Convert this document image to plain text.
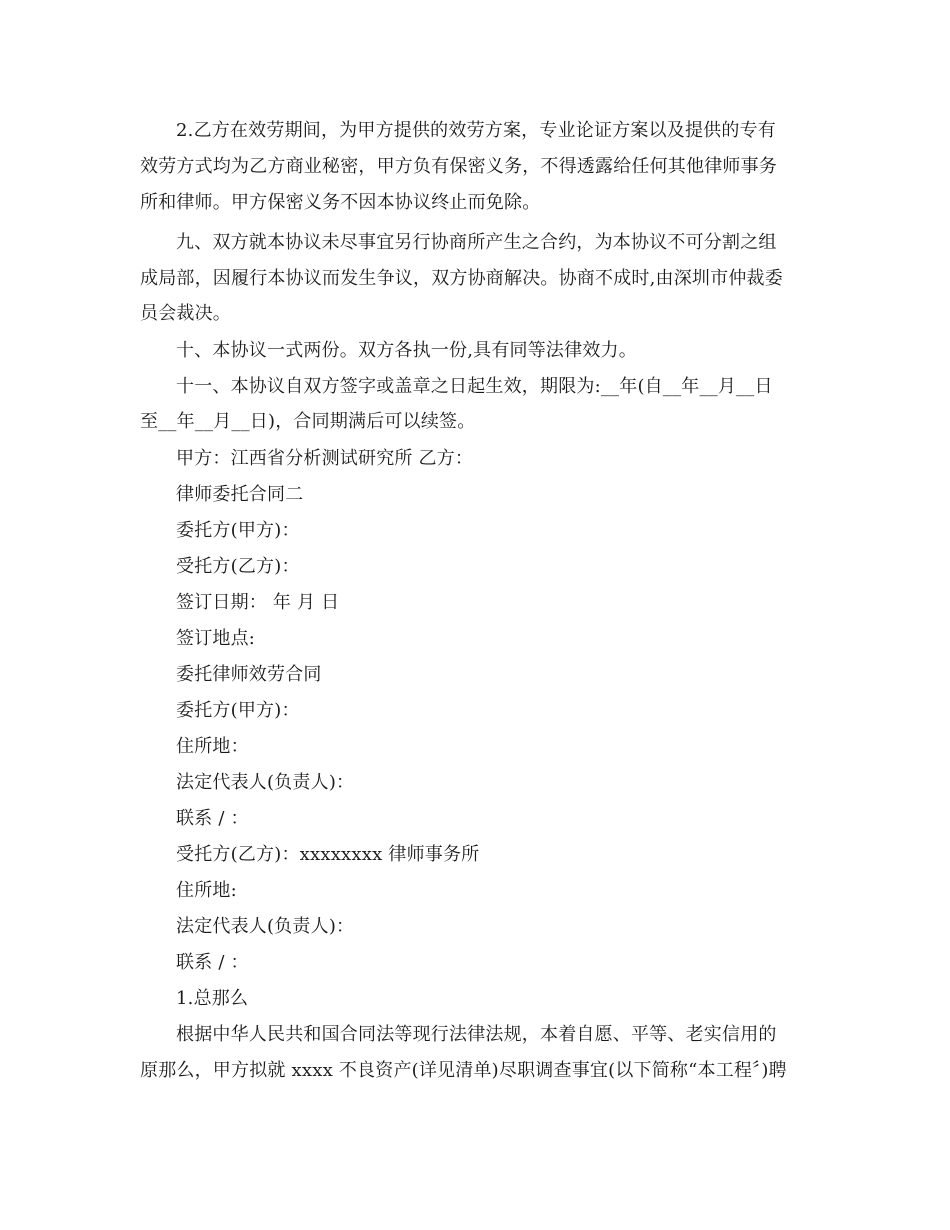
2.乙方在效劳期间，为甲方提供的效劳方案，专业论证方案以及提供的专有
效劳方式均为乙方商业秘密，甲方负有保密义务，不得透露给任何其他律师事务
所和律师。甲方保密义务不因本协议终止而免除。
九、双方就本协议未尽事宜另行协商所产生之合约，为本协议不可分割之组
成局部，因履行本协议而发生争议，双方协商解决。协商不成时,由深圳市仲裁委
员会裁决。
十、本协议一式两份。双方各执一份,具有同等法律效力。
十一、本协议自双方签字或盖章之日起生效，期限为:__年(自__年__月__日
至__年__月__日)，合同期满后可以续签。
甲方：江西省分析测试研究所 乙方：
律师委托合同二
委托方(甲方)：
受托方(乙方)：
签订日期： 年 月 日
签订地点:
委托律师效劳合同
委托方(甲方)：
住所地：
法定代表人(负责人)：
联系 / ：
受托方(乙方)：xxxxxxxx 律师事务所
住所地:
法定代表人(负责人)：
联系 / ：
1.总那么
根据中华人民共和国合同法等现行法律法规，本着自愿、平等、老实信用的
原那么，甲方拟就 xxxx 不良资产(详见清单)尽职调查事宜(以下简称“本工程〞)聘
